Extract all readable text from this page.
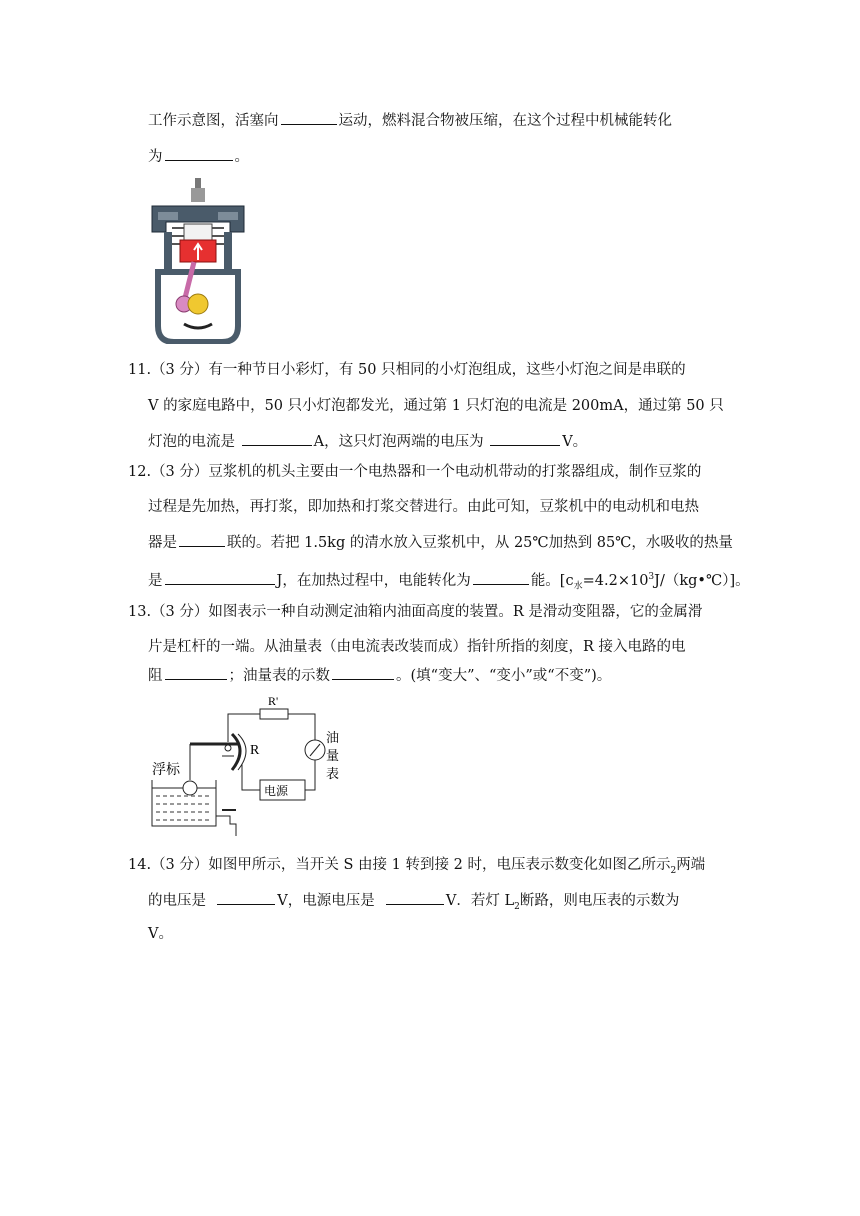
工作示意图，活塞向	运动，燃料混合物被压缩，在这个过程中机械能转化
为	。
11.（3 分）有一种节日小彩灯，有 50 只相同的小灯泡组成，这些小灯泡之间是串联的
V 的家庭电路中，50 只小灯泡都发光，通过第 1 只灯泡的电流是 200mA，通过第 50 只
灯泡的电流是	A，这只灯泡两端的电压为	V。
12.（3 分）豆浆机的机头主要由一个电热器和一个电动机带动的打浆器组成，制作豆浆的
过程是先加热，再打浆，即加热和打浆交替进行。由此可知，豆浆机中的电动机和电热
器是	联的。若把 1.5kg 的清水放入豆浆机中，从 25℃加热到 85℃，水吸收的热量
是	J，在加热过程中，电能转化为	能。$[c_水=4.2\times 10^3J/(kg•℃)]$。
13.（3 分）如图表示一种自动测定油箱内油面高度的装置。R 是滑动变阻器，它的金属滑
片是杠杆的一端。从油量表（由电流表改装而成）指针所指的刻度，R 接入电路的电
阻	；油量表的示数	。(填“变大”、“变小”或“不变”)。
R'
R
油
量
表
电源
浮标
14.（3 分）如图甲所示，当开关 S 由接 1 转到接 2 时，电压表示数变化如图乙所示$_2$两端
的电压是	V，电源电压是	V．若灯 $L_2$断路，则电压表的示数为
V。
